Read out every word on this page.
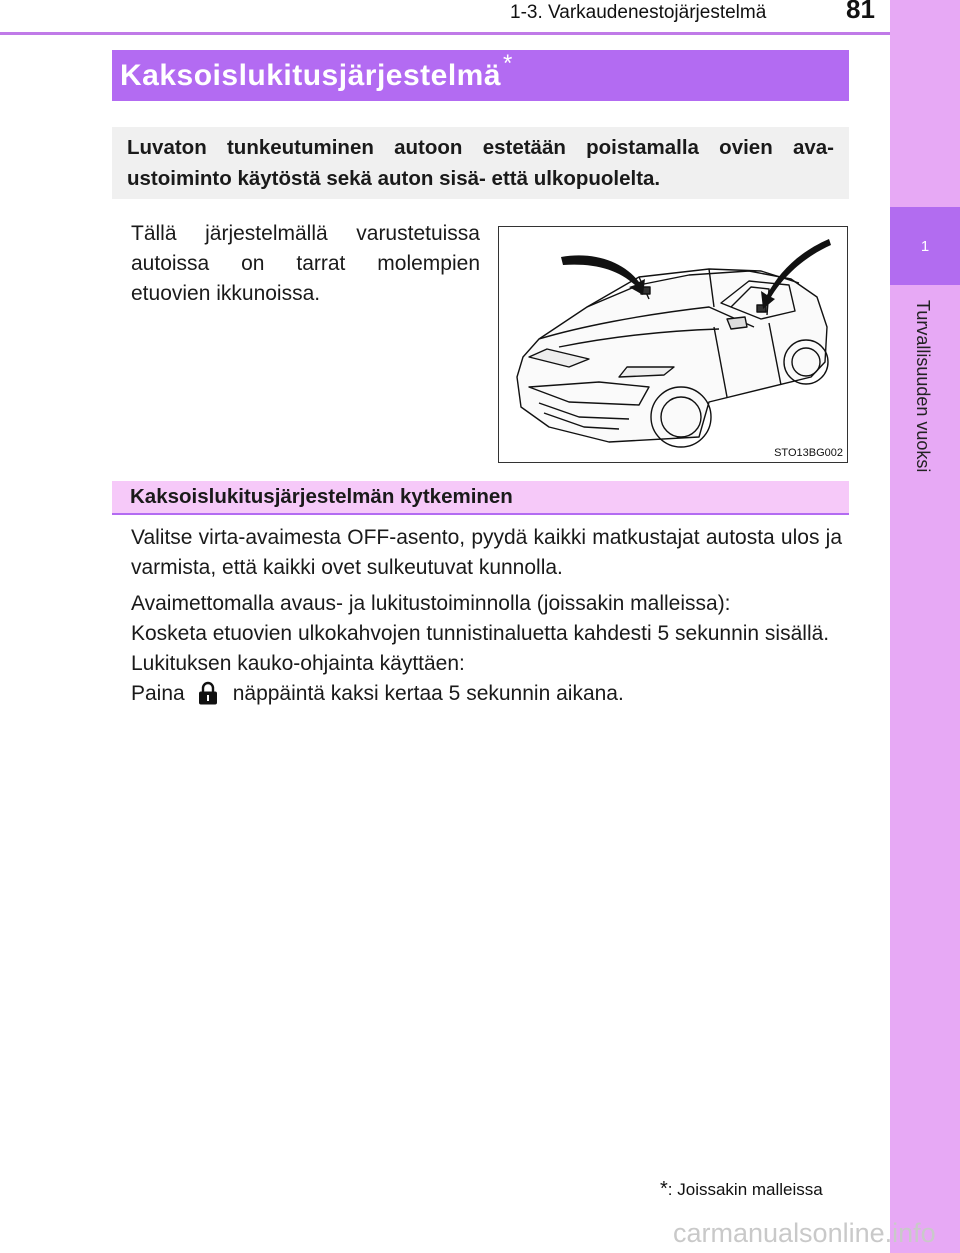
1-3. Varkaudenestojärjestelmä	81
1
Turvallisuuden vuoksi
Kaksoislukitusjärjestelmä *
Luvaton tunkeutuminen autoon estetään poistamalla ovien ava-ustoiminto käytöstä sekä auton sisä- että ulkopuolelta.
Tällä järjestelmällä varustetuissa autoissa on tarrat molempien etuovien ikkunoissa.
STO13BG002
Kaksoislukitusjärjestelmän kytkeminen
Valitse virta-avaimesta OFF-asento, pyydä kaikki matkustajat autosta ulos ja varmista, että kaikki ovet sulkeutuvat kunnolla.
Avaimettomalla avaus- ja lukitustoiminnolla (joissakin malleissa):
Kosketa etuovien ulkokahvojen tunnistinaluetta kahdesti 5 sekunnin sisällä.
Lukituksen kauko-ohjainta käyttäen:
Paina näppäintä kaksi kertaa 5 sekunnin aikana.
*: Joissakin malleissa
carmanualsonline.info
